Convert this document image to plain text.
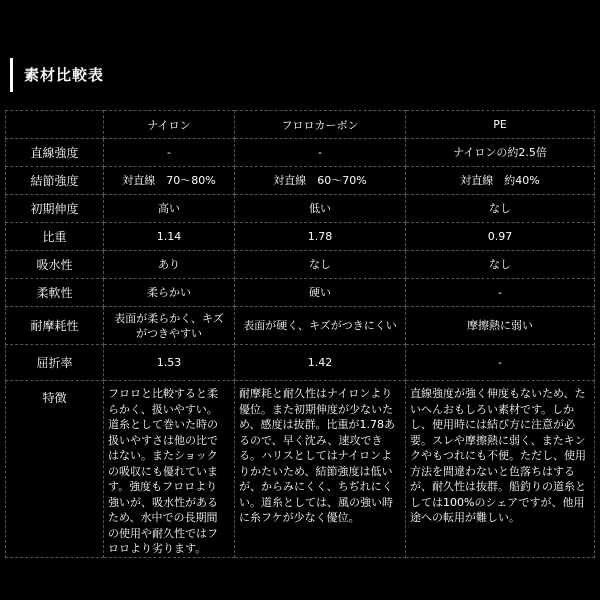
素材比較表
	ナイロン	フロロカーボン	PE
直線強度	-	-	ナイロンの約2.5倍
結節強度	対直線　70〜80%	対直線　60〜70%	対直線　約40%
初期伸度	高い	低い	なし
比重	1.14	1.78	0.97
吸水性	あり	なし	なし
柔軟性	柔らかい	硬い	-
耐摩耗性	表面が柔らかく、キズがつきやすい	表面が硬く、キズがつきにくい	摩擦熱に弱い
屈折率	1.53	1.42	-
特徴	フロロと比較すると柔らかく、扱いやすい。道糸として巻いた時の扱いやすさは他の比ではない。またショックの吸収にも優れています。強度もフロロより強いが、吸水性があるため、水中での長期間の使用や耐久性ではフロロより劣ります。	耐摩耗と耐久性はナイロンより優位。また初期伸度が少ないため、感度は抜群。比重が1.78あるので、早く沈み、速攻できる。ハリスとしてはナイロンよりかたいため、結節強度は低いが、からみにくく、ちぢれにくい。道糸としては、風の強い時に糸フケが少なく優位。	直線強度が強く伸度もないため、たいへんおもしろい素材です。しかし、使用時には結び方に注意が必要。スレや摩擦熱に弱く、またキンクやもつれにも不便。ただし、使用方法を間違わないと色落ちはするが、耐久性は抜群。船釣りの道糸としては100%のシェアですが、他用途への転用が難しい。
